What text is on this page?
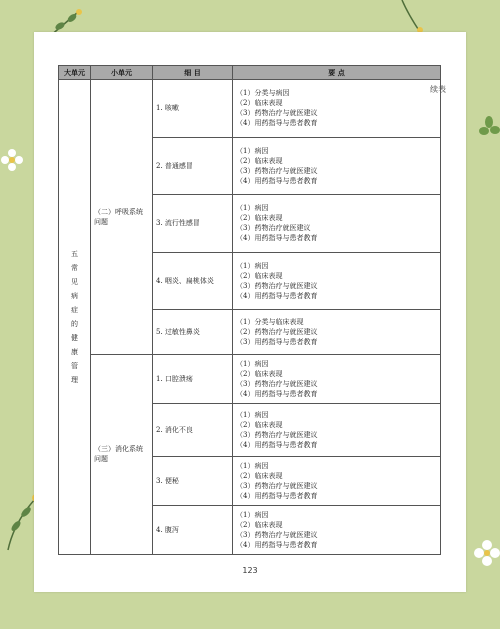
续表
大单元	小单元	细 目	要 点
五 常见病症的健康管理	（二）呼吸系统问题	1. 咳嗽	（1）分类与病因
（2）临床表现
（3）药物治疗与就医建议
（4）用药指导与患者教育

		2. 普通感冒	（1）病因
（2）临床表现
（3）药物治疗与就医建议
（4）用药指导与患者教育

		3. 流行性感冒	（1）病因
（2）临床表现
（3）药物治疗就医建议
（4）用药指导与患者教育

		4. 咽炎、扁桃体炎	（1）病因
（2）临床表现
（3）药物治疗与就医建议
（4）用药指导与患者教育

		5. 过敏性鼻炎	（1）分类与临床表现
（2）药物治疗与就医建议
（3）用药指导与患者教育

	（三）消化系统问题	1. 口腔溃疡	（1）病因
（2）临床表现
（3）药物治疗与就医建议
（4）用药指导与患者教育

		2. 消化不良	（1）病因
（2）临床表现
（3）药物治疗与就医建议
（4）用药指导与患者教育

		3. 便秘	（1）病因
（2）临床表现
（3）药物治疗与就医建议
（4）用药指导与患者教育

		4. 腹泻	（1）病因
（2）临床表现
（3）药物治疗与就医建议
（4）用药指导与患者教育
123
